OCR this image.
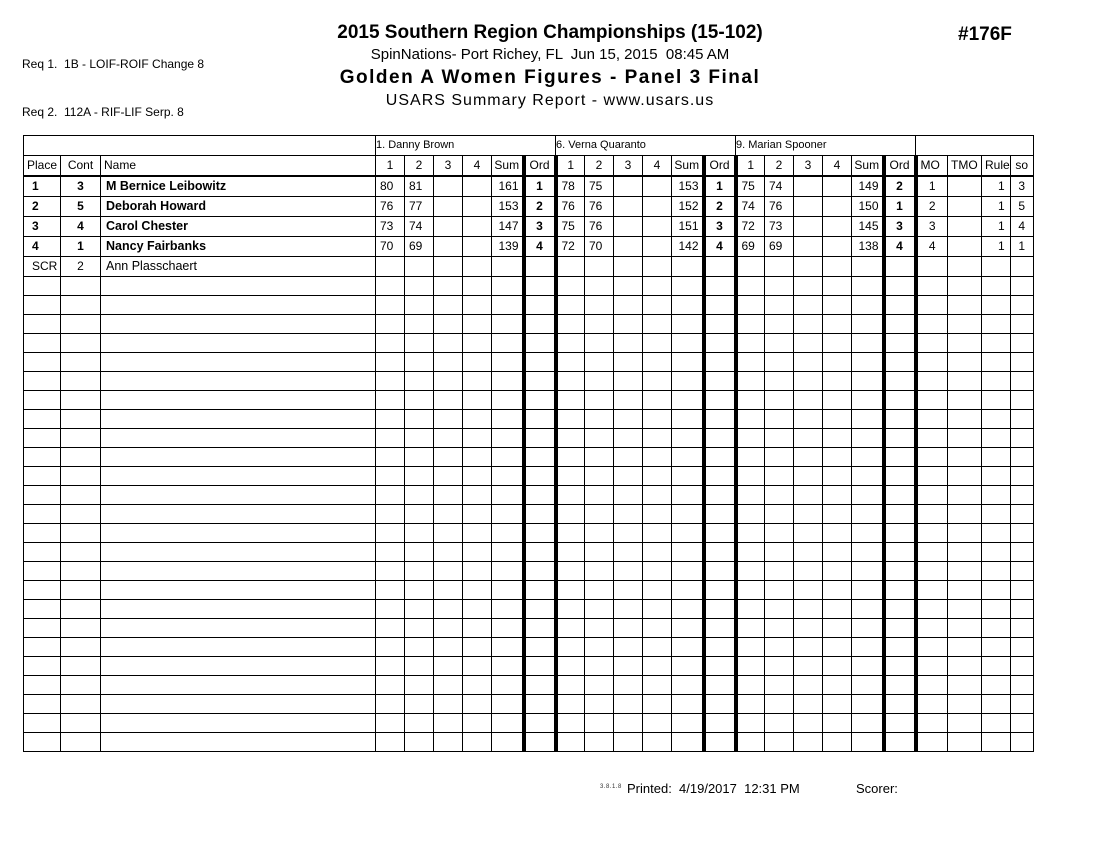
Req 1.  1B - LOIF-ROIF Change 8

Req 2.  112A - RIF-LIF Serp. 8

2015 Southern Region Championships (15-102)
SpinNations- Port Richey, FL  Jun 15, 2015  08:45 AM
Golden A Women Figures - Panel 3 Final
USARS Summary Report - www.usars.us
#176F
			1. Danny Brown						6. Verna Quaranto						9. Marian Spooner									
Place	Cont	Name	1	2	3	4	Sum	Ord	1	2	3	4	Sum	Ord	1	2	3	4	Sum	Ord	MO	TMO	Rule	so
1	3	M Bernice Leibowitz	80	81			161	1	78	75			153	1	75	74			149	2	1		1	3
2	5	Deborah Howard	76	77			153	2	76	76			152	2	74	76			150	1	2		1	5
3	4	Carol Chester	73	74			147	3	75	76			151	3	72	73			145	3	3		1	4
4	1	Nancy Fairbanks	70	69			139	4	72	70			142	4	69	69			138	4	4		1	1
SCR	2	Ann Plasschaert																						

3.8.1.8 Printed:  4/19/2017  12:31 PM	Scorer:
